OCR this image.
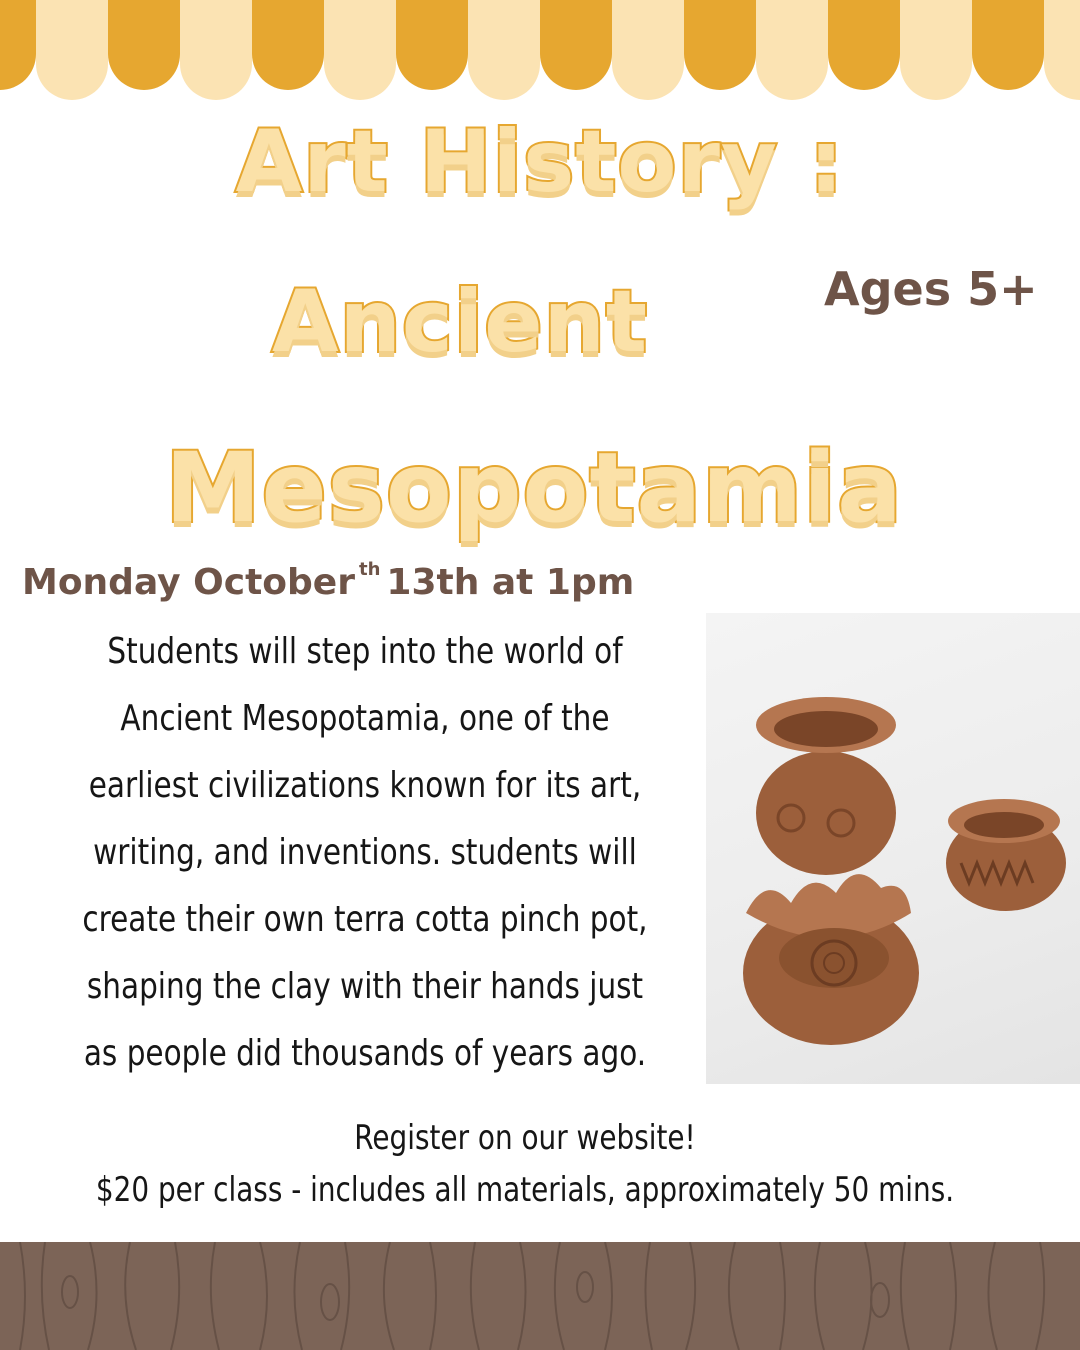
Art History :
Ancient
Mesopotamia
Ages 5+
Monday October $^{th}$ 13th at 1pm
Students will step into the world of Ancient Mesopotamia, one of the earliest civilizations known for its art, writing, and inventions. students will create their own terra cotta pinch pot, shaping the clay with their hands just as people did thousands of years ago.
Register on our website!
$20 per class - includes all materials, approximately 50 mins.
